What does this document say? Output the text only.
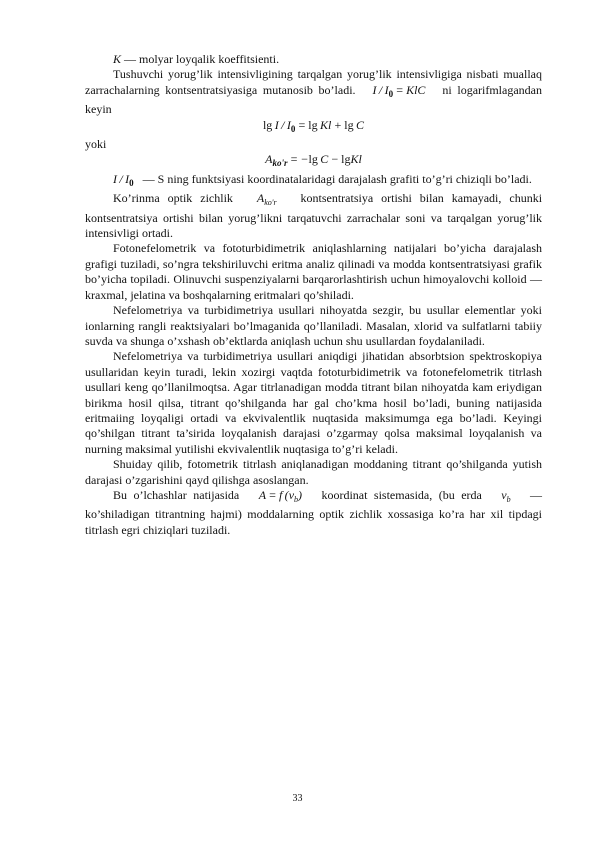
K — molyar loyqalik koeffitsienti.

Tushuvchi yorug’lik intensivligining tarqalgan yorug’lik intensivligiga nisbati muallaq zarrachalarning kontsentratsiyasiga mutanosib bo’ladi. I / $I_0$ = KlC ni logarifmlagandan keyin

$\lg I / I_0 = \lg Kl + \lg C$

yoki

$A_{ko'r} = -\lg$  C − lgKl

I / $I_0$ — S ning funktsiyasi koordinatalaridagi darajalash grafiti to’g’ri chiziqli bo’ladi.

Ko’rinma optik zichlik $A_{ko'r}$ kontsentratsiya ortishi bilan kamayadi, chunki kontsentratsiya ortishi bilan yorug’likni tarqatuvchi zarrachalar soni va tarqalgan yorug’lik intensivligi ortadi.

Fotonefelometrik va fototurbidimetrik aniqlashlarning natijalari bo’yicha darajalash grafigi tuziladi, so’ngra tekshiriluvchi eritma analiz qilinadi va modda kontsentratsiyasi grafik bo’yicha topiladi. Olinuvchi suspenziyalarni barqarorlashtirish uchun himoyalovchi kolloid — kraxmal, jelatina va boshqalarning eritmalari qo’shiladi.

Nefelometriya va turbidimetriya usullari nihoyatda sezgir, bu usullar elementlar yoki ionlarning rangli reaktsiyalari bo’lmaganida qo’llaniladi. Masalan, xlorid va sulfatlarni tabiiy suvda va shunga o’xshash ob’ektlarda aniqlash uchun shu usullardan foydalaniladi.

Nefelometriya va turbidimetriya usullari aniqdigi jihatidan absorbtsion spektroskopiya usullaridan keyin turadi, lekin xozirgi vaqtda fototurbidimetrik va fotonefelometrik titrlash usullari keng qo’llanilmoqtsa. Agar titrlanadigan modda titrant bilan nihoyatda kam eriydigan birikma hosil qilsa, titrant qo’shilganda har gal cho’kma hosil bo’ladi, buning natijasida eritmaiing loyqaligi ortadi va ekvivalentlik nuqtasida maksimumga ega bo’ladi. Keyingi qo’shilgan titrant ta’sirida loyqalanish darajasi o’zgarmay qolsa maksimal loyqalanish va nurning maksimal yutilishi ekvivalentlik nuqtasiga to’g’ri keladi.

Shuiday qilib, fotometrik titrlash aniqlanadigan moddaning titrant qo’shilganda yutish darajasi o’zgarishini qayd qilishga asoslangan.

Bu o’lchashlar natijasida A = f $(v_b)$   koordinat sistemasida, (bu erda $v_b$ — ko’shiladigan titrantning hajmi) moddalarning optik zichlik xossasiga ko’ra har xil tipdagi titrlash egri chiziqlari tuziladi.

33
